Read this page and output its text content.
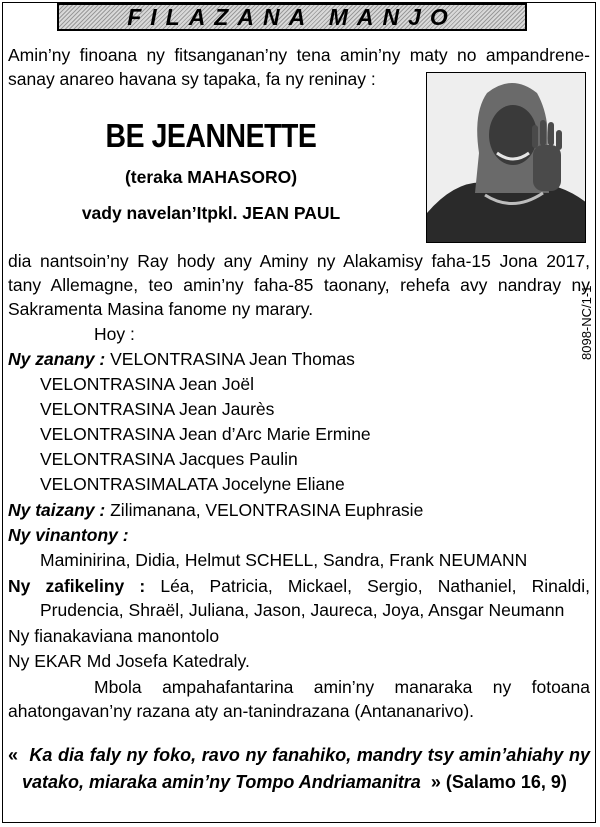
FILAZANA MANJO
Amin’ny finoana ny fitsanganan’ny tena amin’ny maty no ampandrene-
sanay anareo havana sy tapaka, fa ny reninay :
BE JEANNETTE
(teraka MAHASORO)
vady navelan’Itpkl. JEAN PAUL
dia nantsoin’ny Ray hody any Aminy ny Alakamisy faha-15 Jona 2017,
tany Allemagne, teo amin’ny faha-85 taonany, rehefa avy nandray ny
Sakramenta Masina fanome ny marary.
Hoy :
Ny zanany : VELONTRASINA Jean Thomas
VELONTRASINA Jean Joël
VELONTRASINA Jean Jaurès
VELONTRASINA Jean d’Arc Marie Ermine
VELONTRASINA Jacques Paulin
VELONTRASIMALATA Jocelyne Eliane
Ny taizany : Zilimanana, VELONTRASINA Euphrasie
Ny vinantony :
Maminirina, Didia, Helmut SCHELL, Sandra, Frank NEUMANN
Ny zafikeliny : Léa, Patricia, Mickael, Sergio, Nathaniel, Rinaldi,
Prudencia, Shraël, Juliana, Jason, Jaureca, Joya, Ansgar Neumann
Ny fianakaviana manontolo
Ny EKAR Md Josefa Katedraly.
Mbola ampahafantarina amin’ny manaraka ny fotoana
ahatongavan’ny razana aty an-tanindrazana (Antananarivo).
« Ka dia faly ny foko, ravo ny fanahiko, mandry tsy amin’ahiahy ny
vatako, miaraka amin’ny Tompo Andriamanitra » (Salamo 16, 9)
8098-NC/1-1
